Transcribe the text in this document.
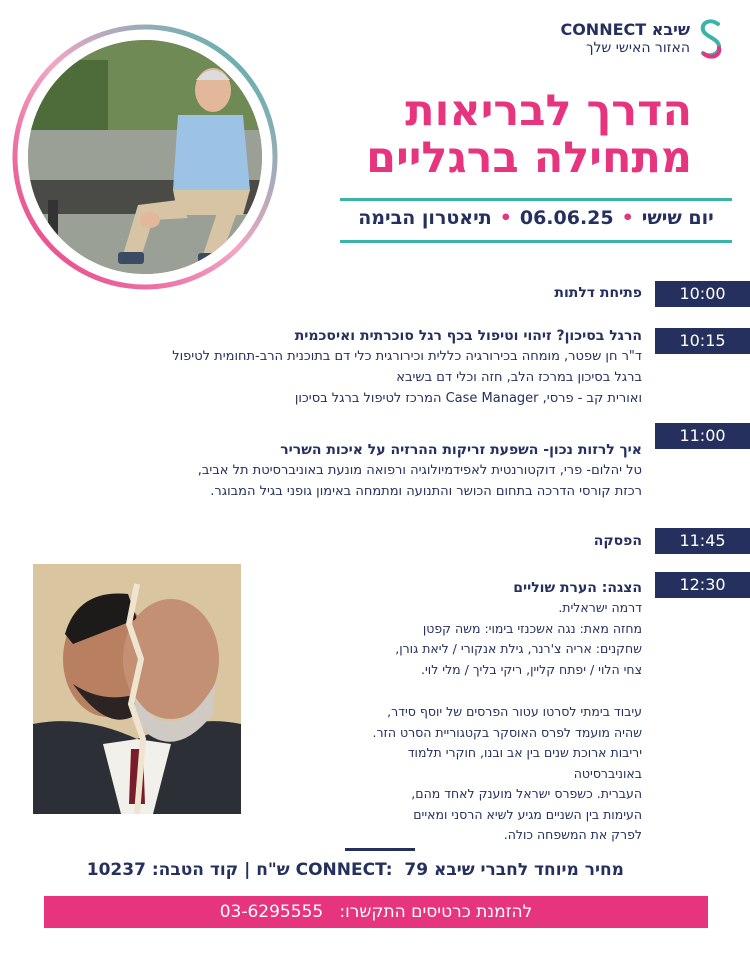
שיבא CONNECT
האזור האישי שלך
הדרך לבריאות
מתחילה ברגליים
יום שישי•06.06.25•תיאטרון הבימה
10:00
פתיחת דלתות
10:15
הרגל בסיכון? זיהוי וטיפול בכף רגל סוכרתית ואיסכמית
ד"ר חן שפטר, מומחה בכירורגיה כללית וכירורגית כלי דם בתוכנית הרב-תחומית לטיפול
ברגל בסיכון במרכז הלב, חזה וכלי דם בשיבא
ואורית קב - פרסי, Case Manager המרכז לטיפול ברגל בסיכון
11:00
איך לרזות נכון- השפעת זריקות ההרזיה על איכות השריר
טל יהלום- פרי, דוקטורנטית לאפידמיולוגיה ורפואה מונעת באוניברסיטת תל אביב,
רכזת קורסי הדרכה בתחום הכושר והתנועה ומתמחה באימון גופני בגיל המבוגר.
11:45
הפסקה
12:30
הצגה: הערת שוליים
דרמה ישראלית.
מחזה מאת: נגה אשכנזי בימוי: משה קפטן
שחקנים: אריה צ'רנר, גילת אנקורי / ליאת גורן,
צחי הלוי / יפתח קליין, ריקי בליך / מלי לוי.
עיבוד בימתי לסרטו עטור הפרסים של יוסף סידר,
שהיה מועמד לפרס האוסקר בקטגוריית הסרט הזר.
יריבות ארוכת שנים בין אב ובנו, חוקרי תלמוד באוניברסיטה
העברית. כשפרס ישראל מוענק לאחד מהם,
העימות בין השניים מגיע לשיא הרסני ומאיים
לפרק את המשפחה כולה.
מחיר מיוחד לחברי שיבא CONNECT:  79 ש"ח | קוד הטבה: 10237
להזמנת כרטיסים התקשרו:   03-6295555
